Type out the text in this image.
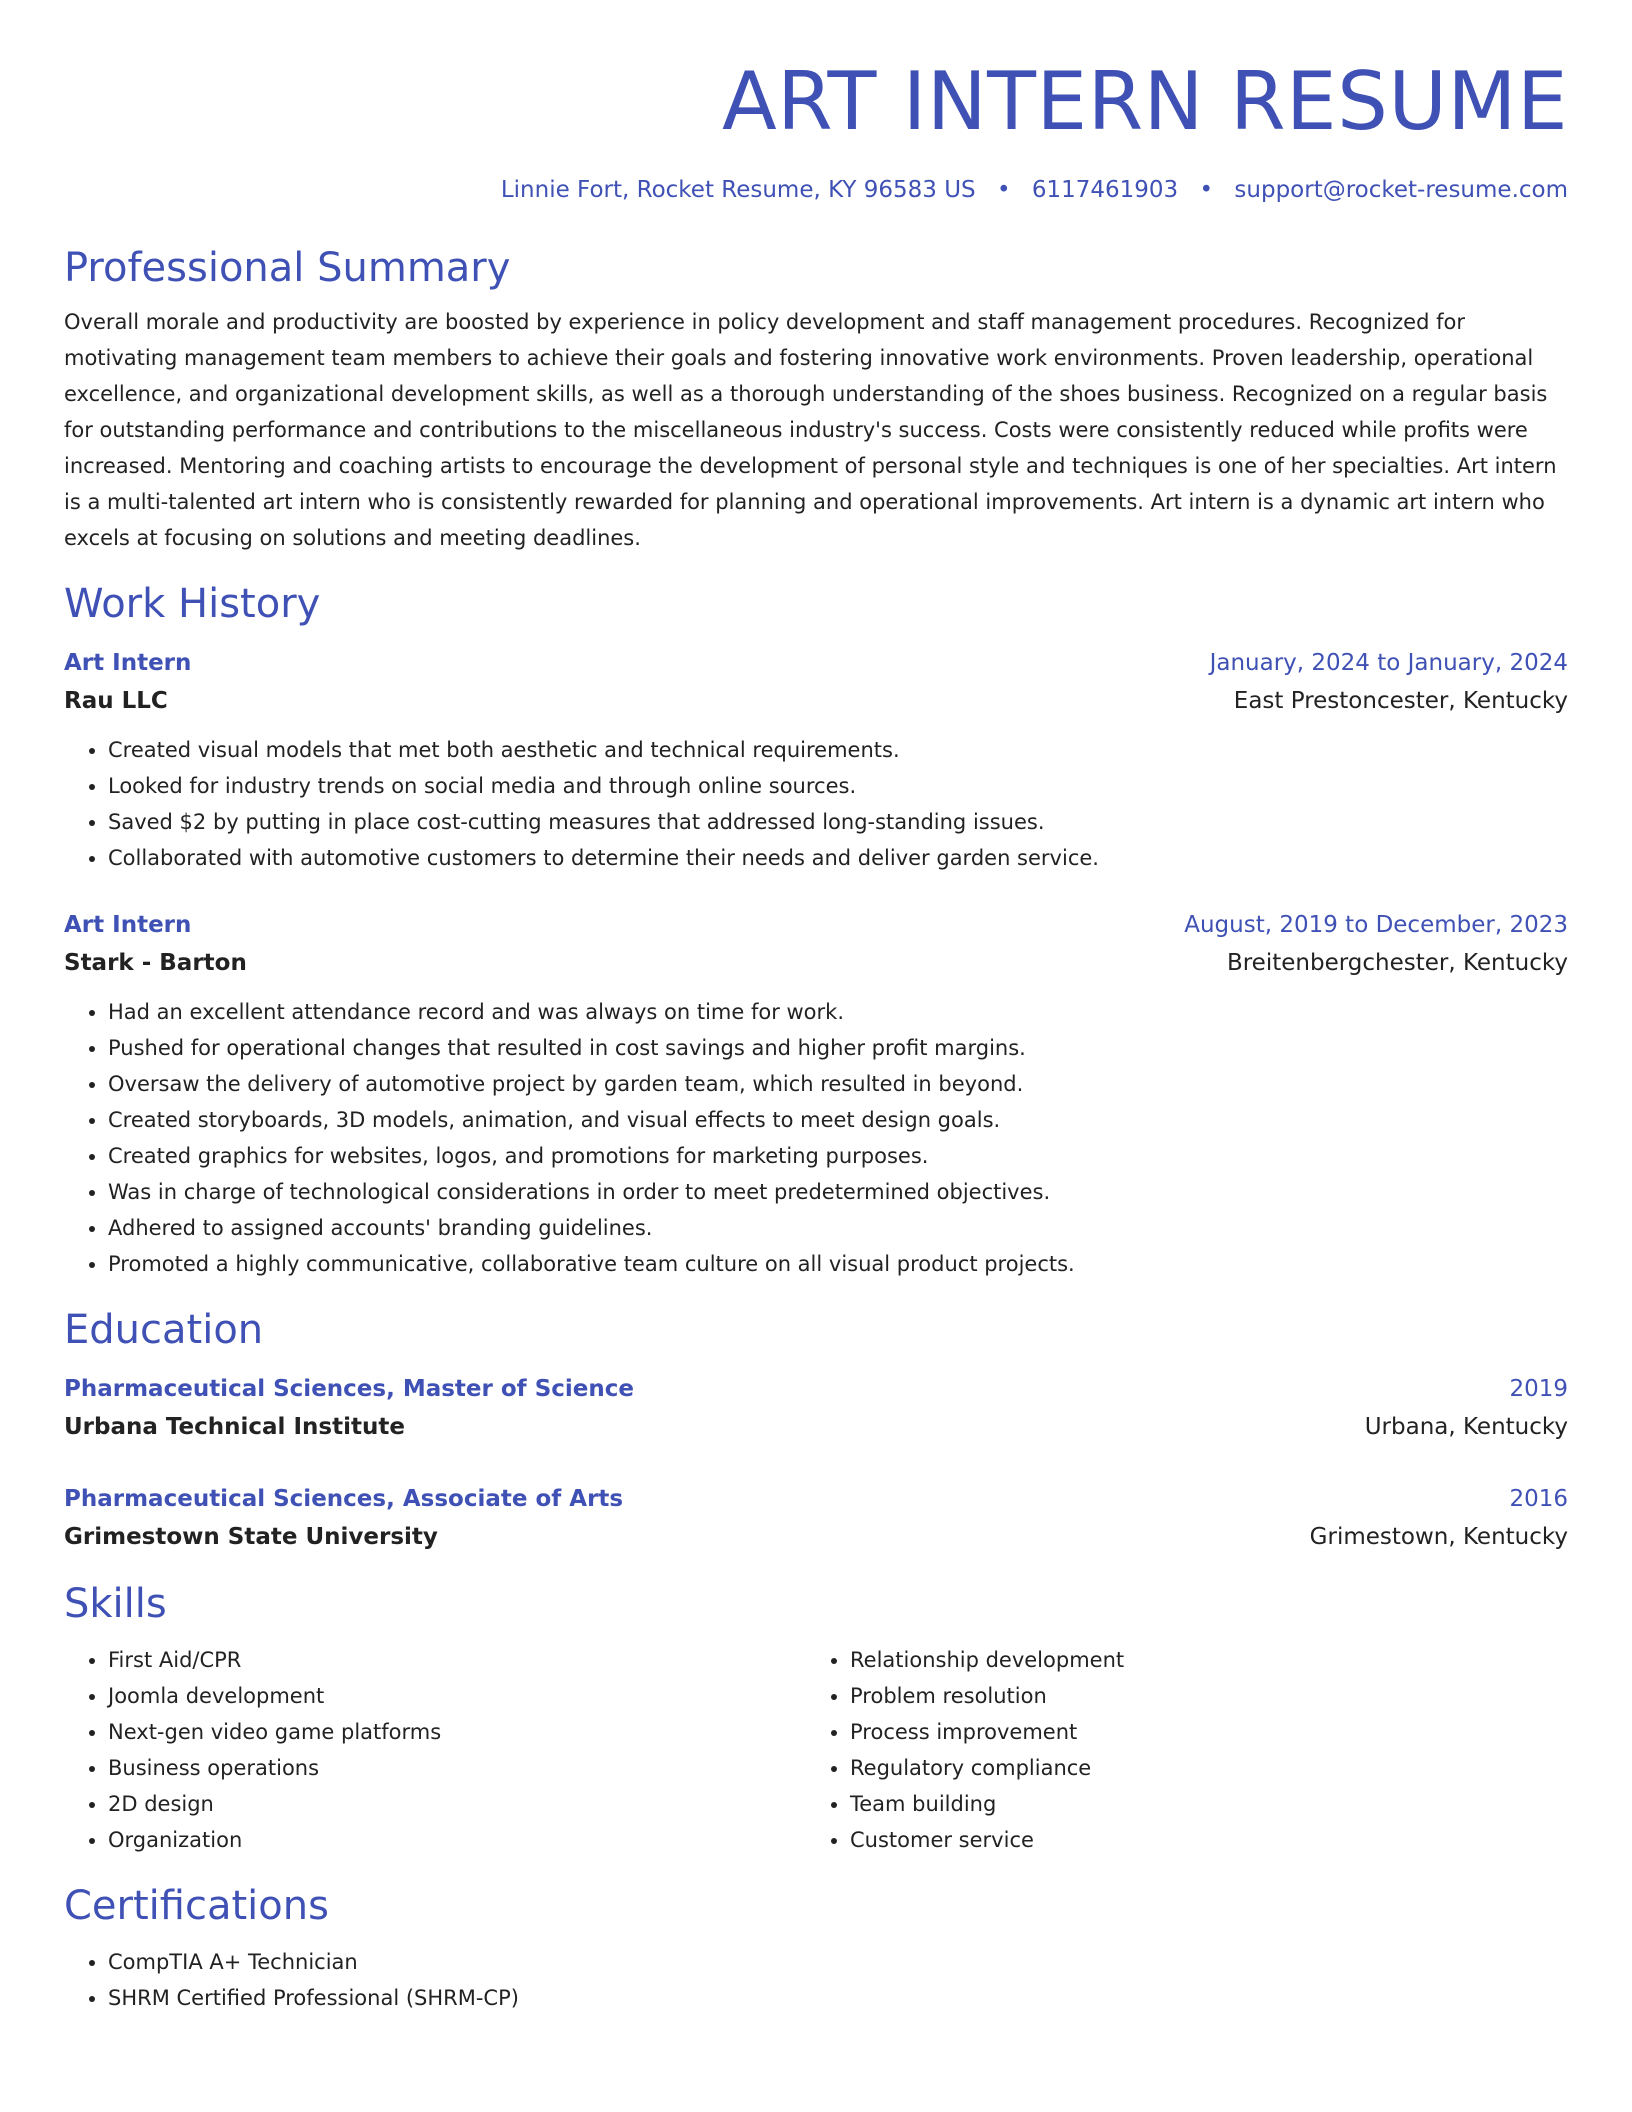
ART INTERN RESUME
Linnie Fort, Rocket Resume, KY 96583 US • 6117461903 • support@rocket-resume.com
Professional Summary

Overall morale and productivity are boosted by experience in policy development and staff management procedures. Recognized for motivating management team members to achieve their goals and fostering innovative work environments. Proven leadership, operational excellence, and organizational development skills, as well as a thorough understanding of the shoes business. Recognized on a regular basis for outstanding performance and contributions to the miscellaneous industry's success. Costs were consistently reduced while profits were increased. Mentoring and coaching artists to encourage the development of personal style and techniques is one of her specialties. Art intern is a multi-talented art intern who is consistently rewarded for planning and operational improvements. Art intern is a dynamic art intern who excels at focusing on solutions and meeting deadlines.

Work History
Art Intern	January, 2024 to January, 2024
Rau LLC	East Prestoncester, Kentucky
• Created visual models that met both aesthetic and technical requirements.
• Looked for industry trends on social media and through online sources.
• Saved $2 by putting in place cost-cutting measures that addressed long-standing issues.
• Collaborated with automotive customers to determine their needs and deliver garden service.
Art Intern	August, 2019 to December, 2023
Stark - Barton	Breitenbergchester, Kentucky
• Had an excellent attendance record and was always on time for work.
• Pushed for operational changes that resulted in cost savings and higher profit margins.
• Oversaw the delivery of automotive project by garden team, which resulted in beyond.
• Created storyboards, 3D models, animation, and visual effects to meet design goals.
• Created graphics for websites, logos, and promotions for marketing purposes.
• Was in charge of technological considerations in order to meet predetermined objectives.
• Adhered to assigned accounts' branding guidelines.
• Promoted a highly communicative, collaborative team culture on all visual product projects.
Education
Pharmaceutical Sciences, Master of Science	2019
Urbana Technical Institute	Urbana, Kentucky
Pharmaceutical Sciences, Associate of Arts	2016
Grimestown State University	Grimestown, Kentucky
Skills
• First Aid/CPR
• Joomla development
• Next-gen video game platforms
• Business operations
• 2D design
• Organization
• Relationship development
• Problem resolution
• Process improvement
• Regulatory compliance
• Team building
• Customer service
Certifications
• CompTIA A+ Technician
• SHRM Certified Professional (SHRM-CP)
